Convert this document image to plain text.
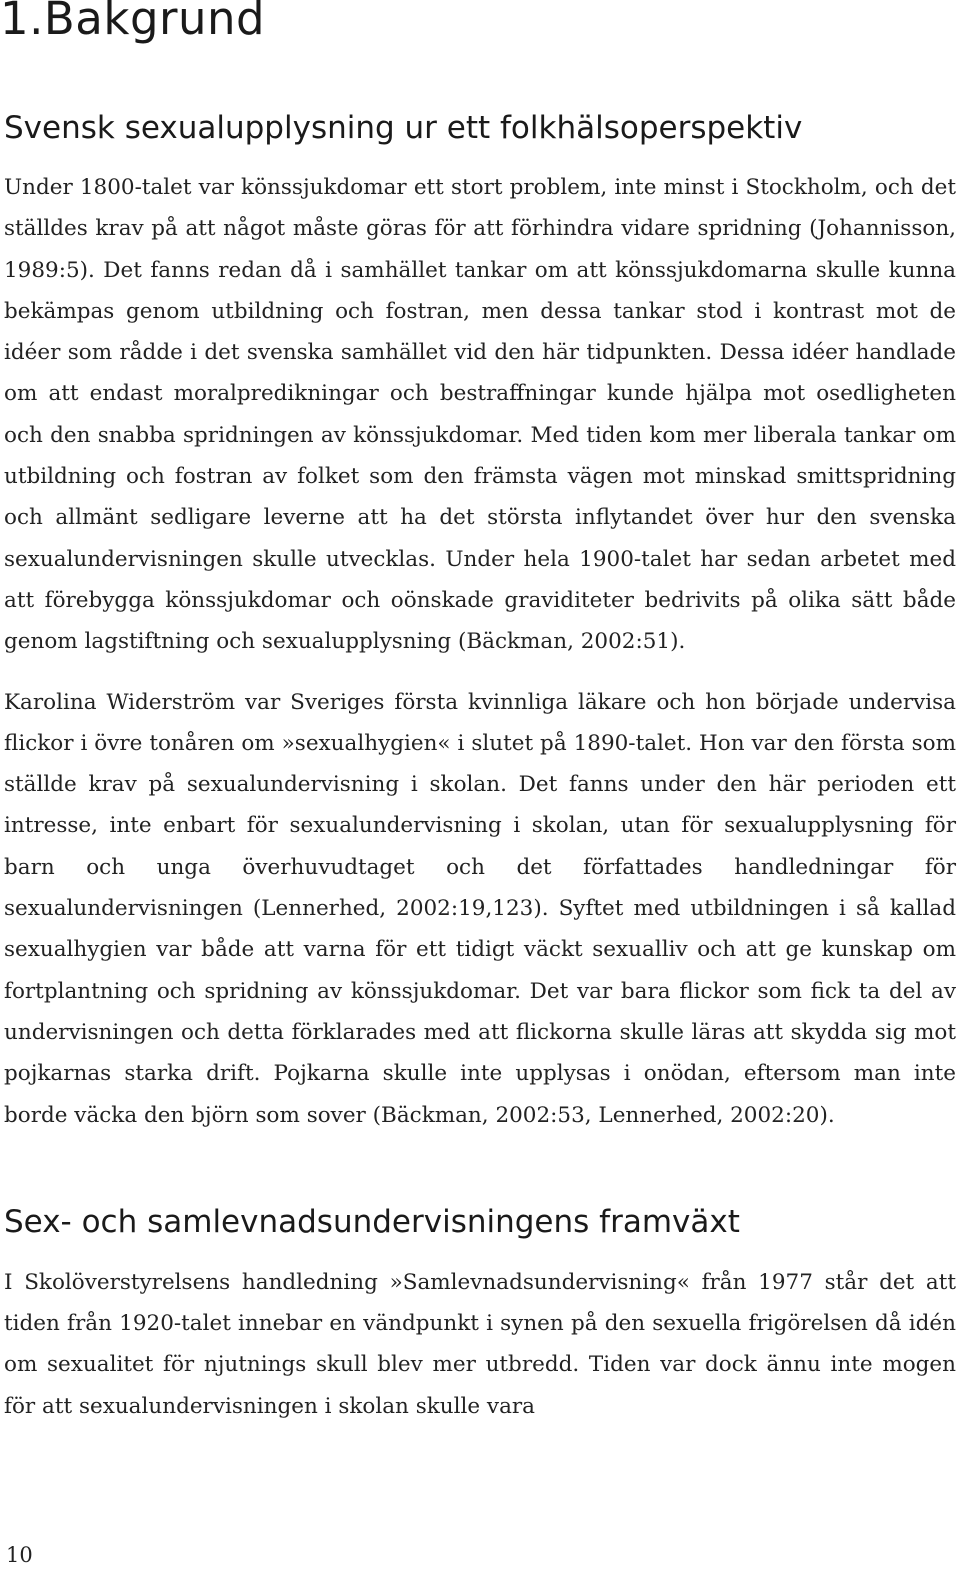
1.Bakgrund
Svensk sexualupplysning ur ett folkhälsoperspektiv

Under 1800-talet var könssjukdomar ett stort problem, inte minst i Stockholm, och det ställdes krav på att något måste göras för att förhindra vidare spridning (Johannisson, 1989:5). Det fanns redan då i samhället tankar om att könssjukdomarna skulle kunna bekämpas genom utbildning och fostran, men dessa tankar stod i kontrast mot de idéer som rådde i det svenska samhället vid den här tidpunkten. Dessa idéer handlade om att endast moralpredikningar och bestraffningar kunde hjälpa mot osedligheten och den snabba spridningen av könssjukdomar. Med tiden kom mer liberala tankar om utbildning och fostran av folket som den främsta vägen mot minskad smittspridning och allmänt sedligare leverne att ha det största inflytandet över hur den svenska sexualundervisningen skulle utvecklas. Under hela 1900-talet har sedan arbetet med att förebygga könssjukdomar och oönskade graviditeter bedrivits på olika sätt både genom lagstiftning och sexualupplysning (Bäckman, 2002:51).

Karolina Widerström var Sveriges första kvinnliga läkare och hon började undervisa flickor i övre tonåren om »sexualhygien« i slutet på 1890-talet. Hon var den första som ställde krav på sexualundervisning i skolan. Det fanns under den här perioden ett intresse, inte enbart för sexualundervisning i skolan, utan för sexualupplysning för barn och unga överhuvudtaget och det författades handledningar för sexualundervisningen (Lennerhed, 2002:19,123). Syftet med utbildningen i så kallad sexualhygien var både att varna för ett tidigt väckt sexualliv och att ge kunskap om fortplantning och spridning av könssjukdomar. Det var bara flickor som fick ta del av undervisningen och detta förklarades med att flickorna skulle läras att skydda sig mot pojkarnas starka drift. Pojkarna skulle inte upplysas i onödan, eftersom man inte borde väcka den björn som sover (Bäckman, 2002:53, Lennerhed, 2002:20).

Sex- och samlevnadsundervisningens framväxt

I Skolöverstyrelsens handledning »Samlevnadsundervisning« från 1977 står det att tiden från 1920-talet innebar en vändpunkt i synen på den sexuella frigörelsen då idén om sexualitet för njutnings skull blev mer utbredd. Tiden var dock ännu inte mogen för att sexualundervisningen i skolan skulle vara

10
